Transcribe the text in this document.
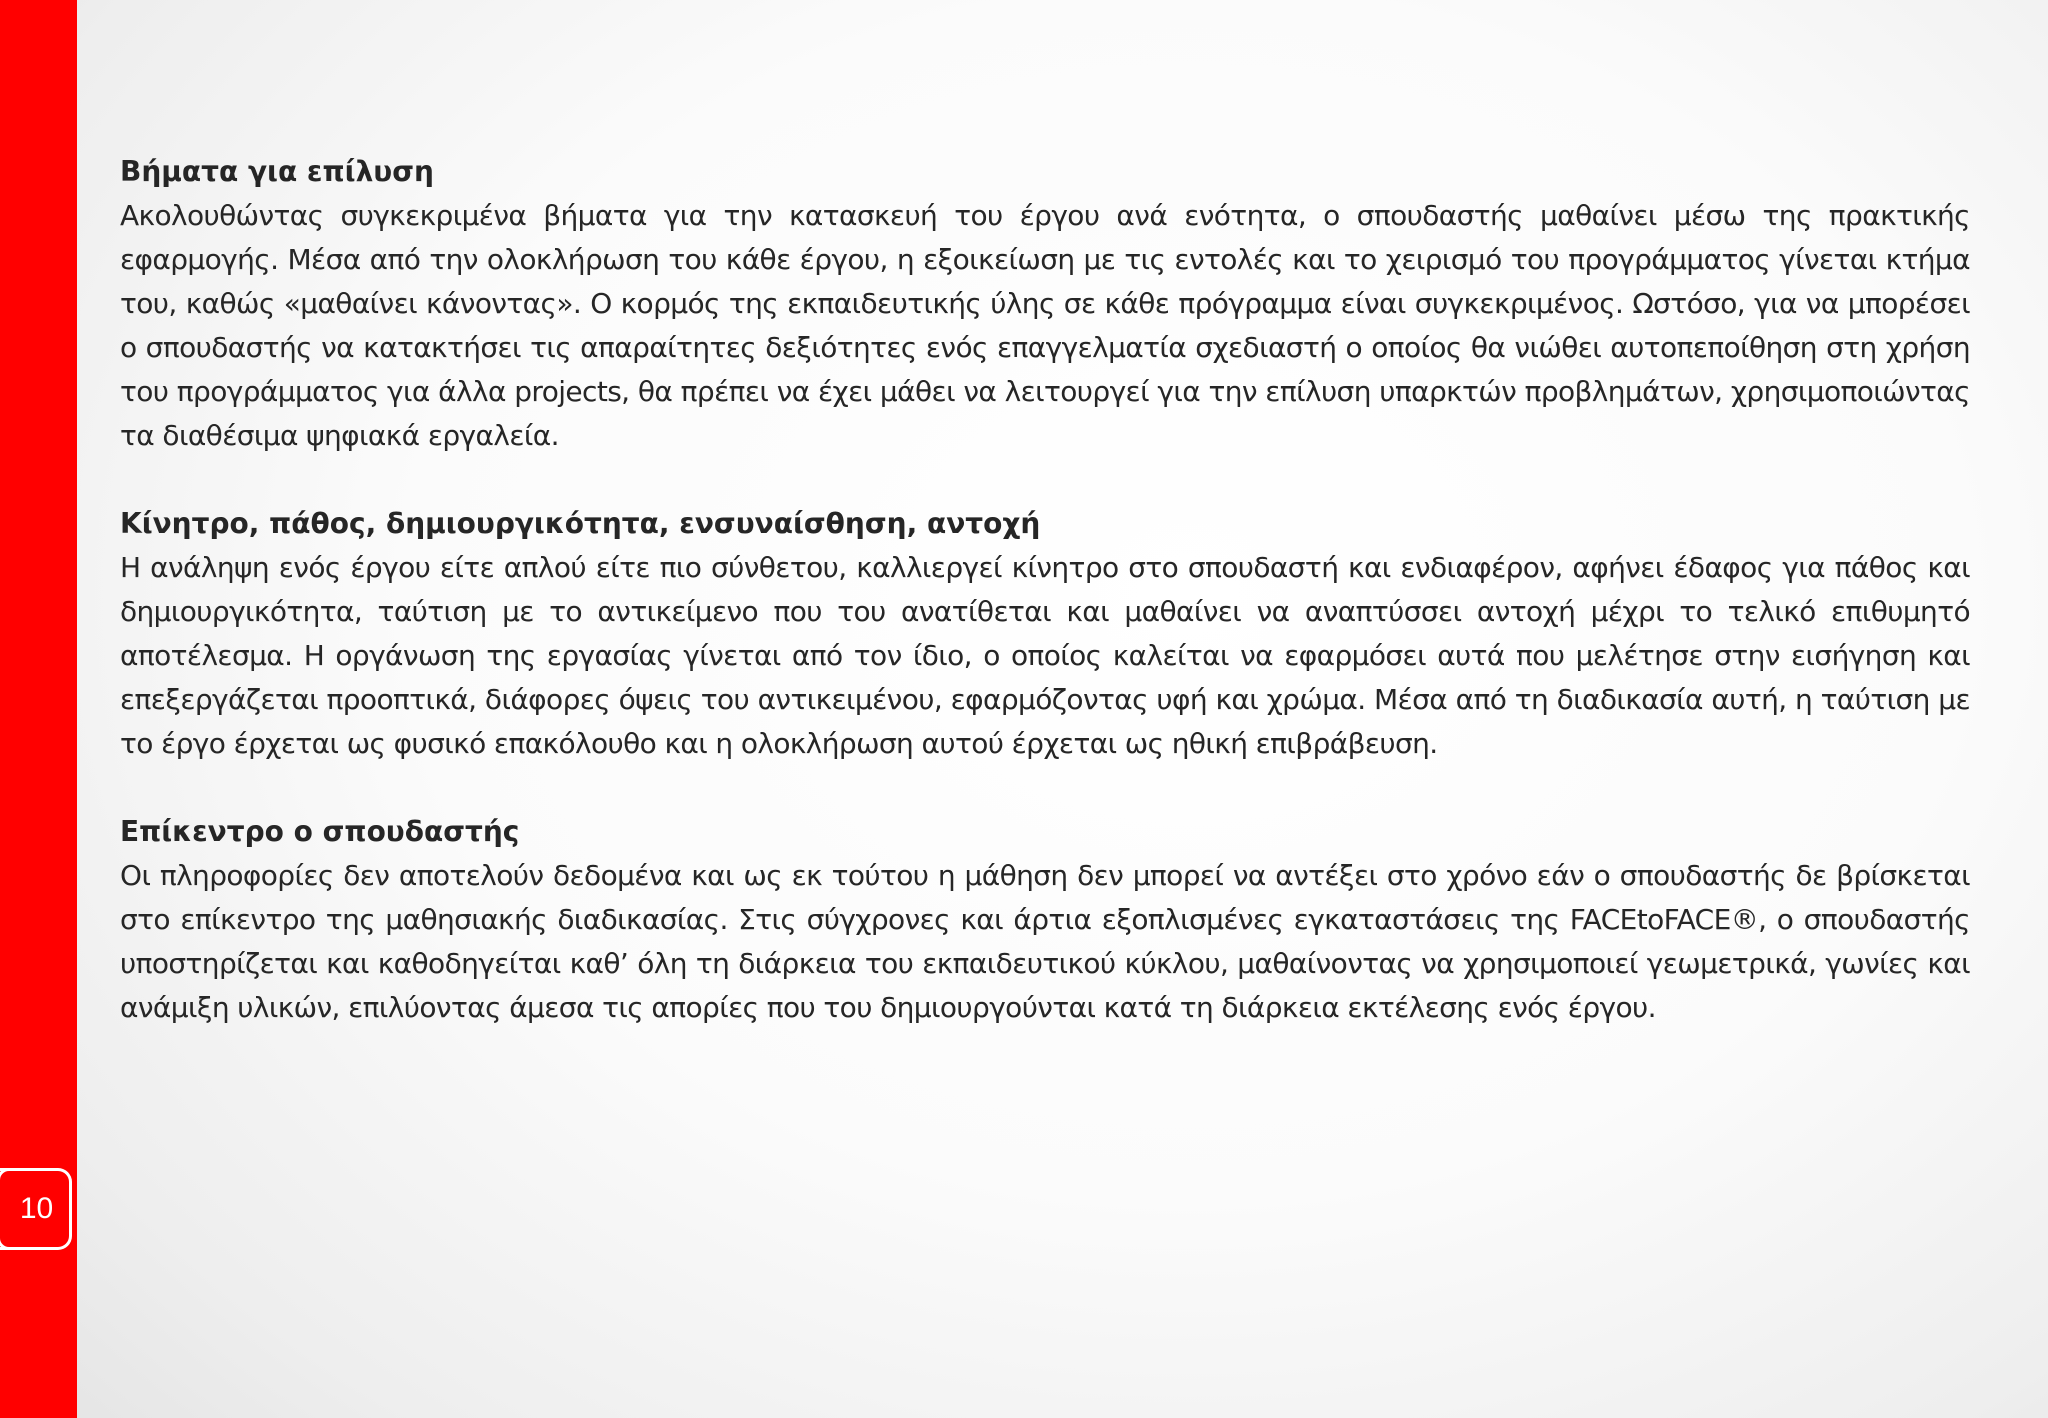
10

Βήματα για επίλυση

Ακολουθώντας συγκεκριμένα βήματα για την κατασκευή του έργου ανά ενότητα, ο σπουδαστής μαθαίνει μέσω της πρακτικής εφαρμογής. Μέσα από την ολοκλήρωση του κάθε έργου, η εξοικείωση με τις εντολές και το χειρισμό του προγράμματος γίνεται κτήμα του, καθώς «μαθαίνει κάνοντας». Ο κορμός της εκπαιδευτικής ύλης σε κάθε πρόγραμμα είναι συγκεκριμένος. Ωστόσο, για να μπορέσει ο σπουδαστής να κατακτήσει τις απαραίτητες δεξιότητες ενός επαγγελματία σχεδιαστή ο οποίος θα νιώθει αυτοπεποίθηση στη χρήση του προγράμματος για άλλα projects, θα πρέπει να έχει μάθει να λειτουργεί για την επίλυση υπαρκτών προβλημάτων, χρησιμοποιώντας τα διαθέσιμα ψηφιακά εργαλεία.

Κίνητρο, πάθος, δημιουργικότητα, ενσυναίσθηση, αντοχή

Η ανάληψη ενός έργου είτε απλού είτε πιο σύνθετου, καλλιεργεί κίνητρο στο σπουδαστή και ενδιαφέρον, αφήνει έδαφος για πάθος και δημιουργικότητα, ταύτιση με το αντικείμενο που του ανατίθεται και μαθαίνει να αναπτύσσει αντοχή μέχρι το τελικό επιθυμητό αποτέλεσμα. Η οργάνωση της εργασίας γίνεται από τον ίδιο, ο οποίος καλείται να εφαρμόσει αυτά που μελέτησε στην εισήγηση και επεξεργάζεται προοπτικά, διάφορες όψεις του αντικειμένου, εφαρμόζοντας υφή και χρώμα. Μέσα από τη διαδικασία αυτή, η ταύτιση με το έργο έρχεται ως φυσικό επακόλουθο και η ολοκλήρωση αυτού έρχεται ως ηθική επιβράβευση.

Επίκεντρο ο σπουδαστής

Οι πληροφορίες δεν αποτελούν δεδομένα και ως εκ τούτου η μάθηση δεν μπορεί να αντέξει στο χρόνο εάν ο σπουδαστής δε βρίσκεται στο επίκεντρο της μαθησιακής διαδικασίας. Στις σύγχρονες και άρτια εξοπλισμένες εγκαταστάσεις της FACEtoFACE®, ο σπουδαστής υποστηρίζεται και καθοδηγείται καθ’ όλη τη διάρκεια του εκπαιδευτικού κύκλου, μαθαίνοντας να χρησιμοποιεί γεωμετρικά, γωνίες και ανάμιξη υλικών, επιλύοντας άμεσα τις απορίες που του δημιουργούνται κατά τη διάρκεια εκτέλεσης ενός έργου.
